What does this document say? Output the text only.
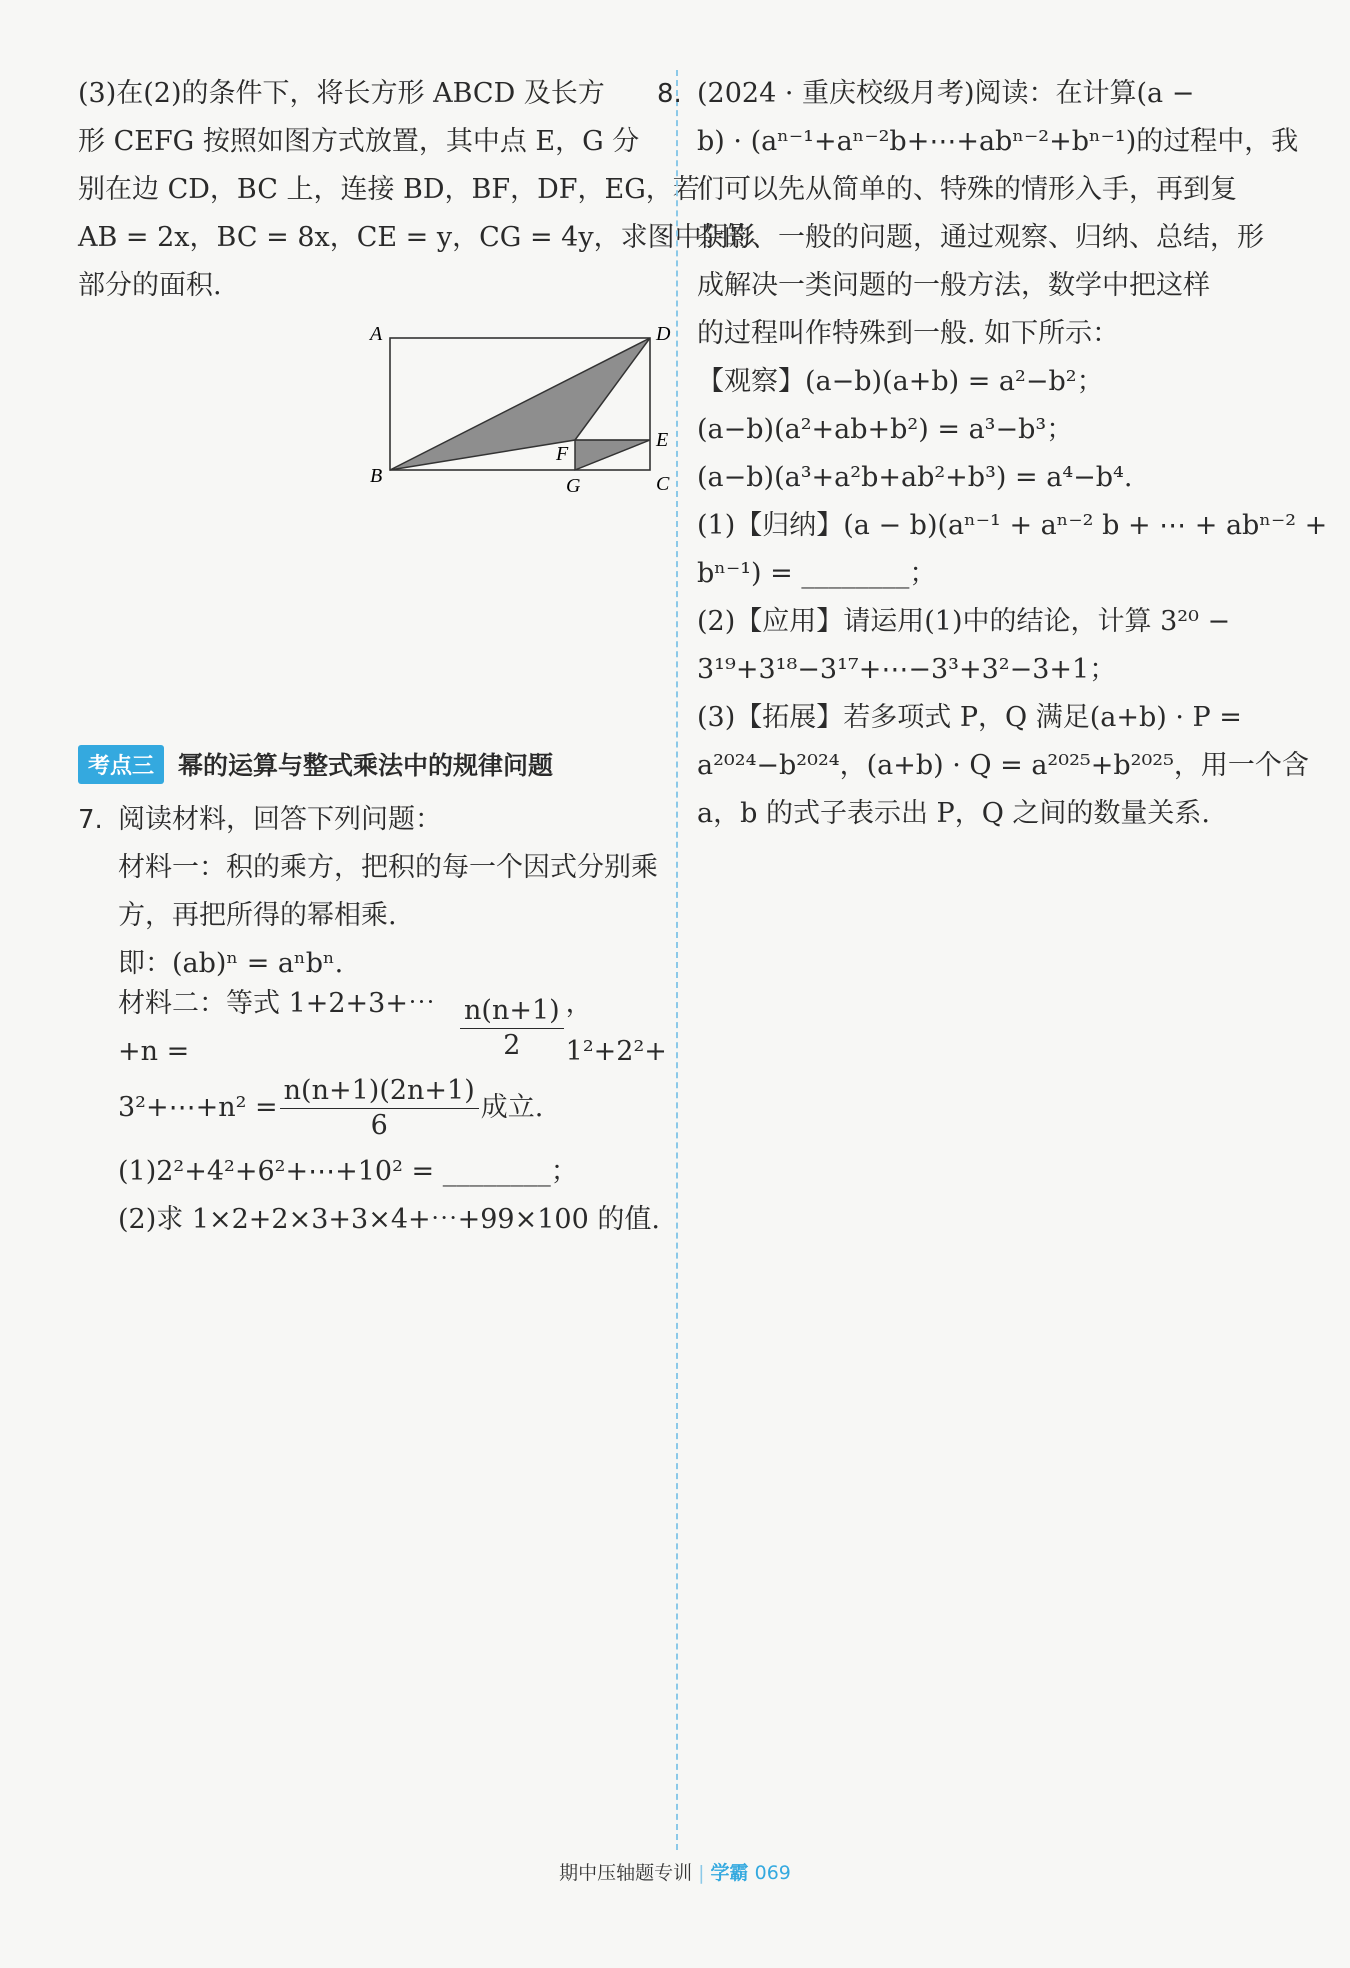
(3)在(2)的条件下，将长方形 ABCD 及长方
形 CEFG 按照如图方式放置，其中点 E，G 分
别在边 CD，BC 上，连接 BD，BF，DF，EG，若
AB = 2x，BC = 8x，CE = y，CG = 4y，求图中阴影
部分的面积.
A	D
B	C
E
F
G
考点三 幂的运算与整式乘法中的规律问题
7. 阅读材料，回答下列问题：
材料一：积的乘方，把积的每一个因式分别乘
方，再把所得的幂相乘.
即：(ab)ⁿ = aⁿbⁿ.
材料二：等式 1+2+3+⋯+n =	$\frac{n(n+1)}{2}$ ，1²+2²+
3²+⋯+n² = $\frac{n(n+1)(2n+1)}{6}$ 成立.
(1)2²+4²+6²+⋯+10² = ________；
(2)求 1×2+2×3+3×4+⋯+99×100 的值.
8. (2024 · 重庆校级月考)阅读：在计算(a −
b) · (aⁿ⁻¹+aⁿ⁻²b+⋯+abⁿ⁻²+bⁿ⁻¹)的过程中，我
们可以先从简单的、特殊的情形入手，再到复
杂的、一般的问题，通过观察、归纳、总结，形
成解决一类问题的一般方法，数学中把这样
的过程叫作特殊到一般. 如下所示：
【观察】(a−b)(a+b) = a²−b²；
(a−b)(a²+ab+b²) = a³−b³；
(a−b)(a³+a²b+ab²+b³) = a⁴−b⁴.
(1)【归纳】(a − b)(aⁿ⁻¹ + aⁿ⁻² b + ⋯ + abⁿ⁻² +
bⁿ⁻¹) = ________；
(2)【应用】请运用(1)中的结论，计算 3²⁰ −
3¹⁹+3¹⁸−3¹⁷+⋯−3³+3²−3+1；
(3)【拓展】若多项式 P，Q 满足(a+b) · P =
a²⁰²⁴−b²⁰²⁴，(a+b) · Q = a²⁰²⁵+b²⁰²⁵，用一个含
a，b 的式子表示出 P，Q 之间的数量关系.
期中压轴题专训 | 学霸 069
